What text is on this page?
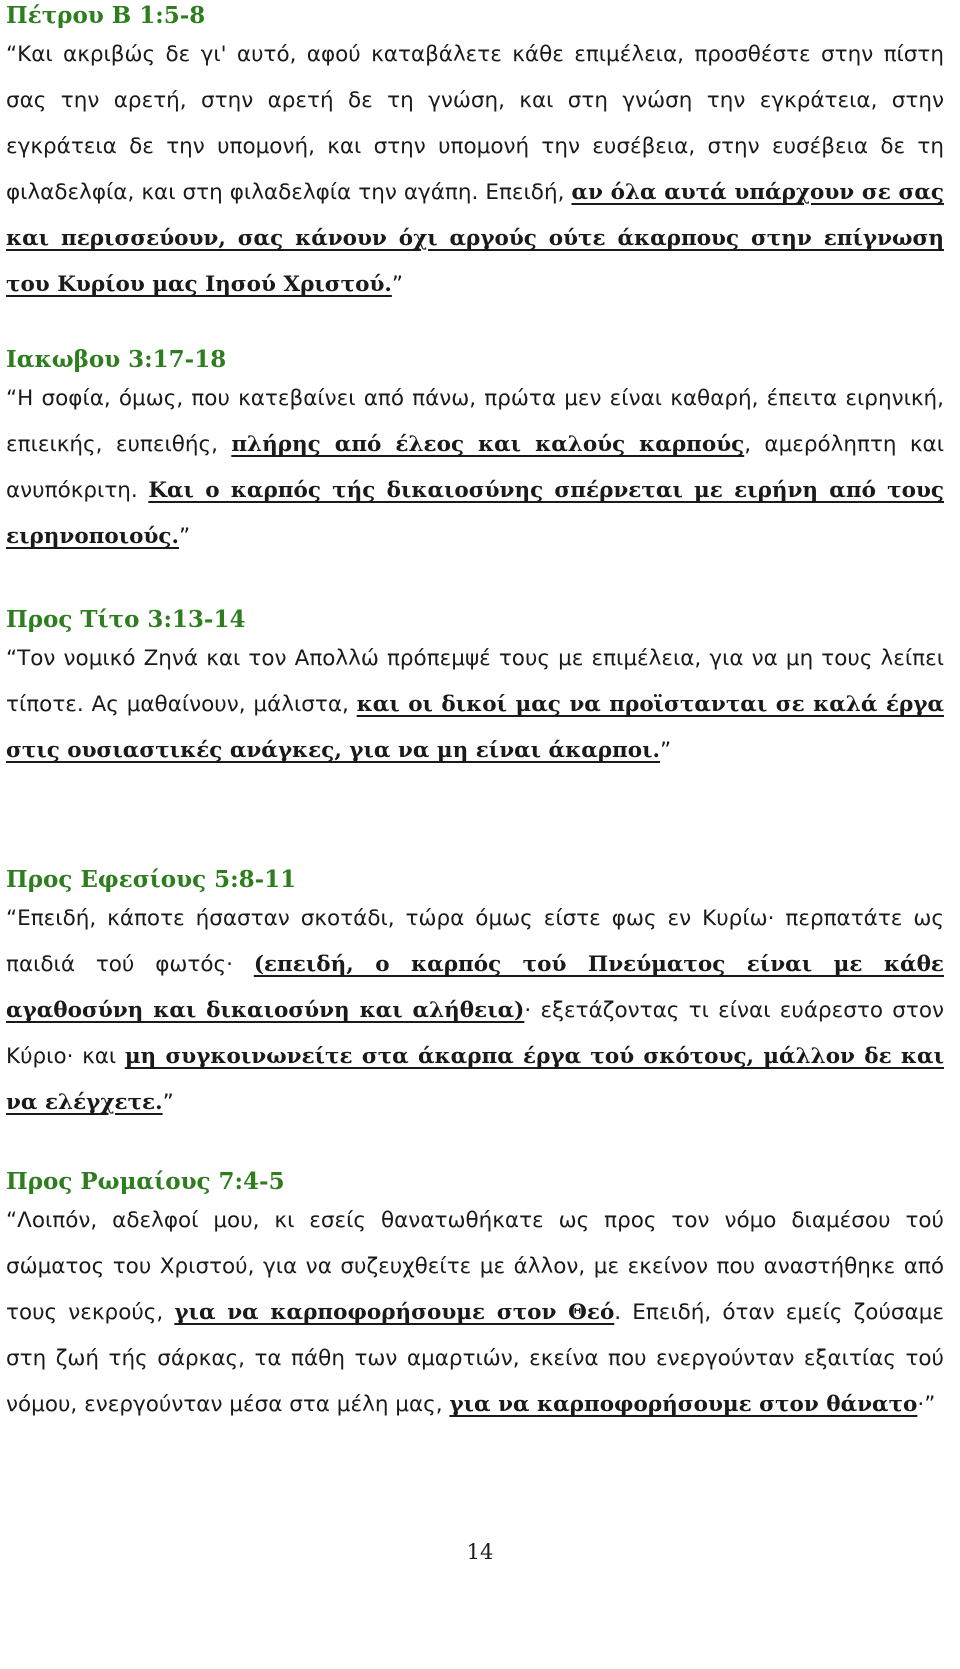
Πέτρου Β 1:5-8

“Και ακριβώς δε γι' αυτό, αφού καταβάλετε κάθε επιμέλεια, προσθέστε στην πίστη σας την αρετή, στην αρετή δε τη γνώση, και στη γνώση την εγκράτεια, στην εγκράτεια δε την υπομονή, και στην υπομονή την ευσέβεια, στην ευσέβεια δε τη φιλαδελφία, και στη φιλαδελφία την αγάπη. Επειδή, αν όλα αυτά υπάρχουν σε σας και περισσεύουν, σας κάνουν όχι αργούς ούτε άκαρπους στην επίγνωση του Κυρίου μας Ιησού Χριστού.”

Ιακωβου 3:17-18

“Η σοφία, όμως, που κατεβαίνει από πάνω, πρώτα μεν είναι καθαρή, έπειτα ειρηνική, επιεικής, ευπειθής, πλήρης από έλεος και καλούς καρπούς, αμερόληπτη και ανυπόκριτη. Και ο καρπός τής δικαιοσύνης σπέρνεται με ειρήνη από τους ειρηνοποιούς.”

Προς Τίτο 3:13-14

“Τον νομικό Ζηνά και τον Απολλώ πρόπεμψέ τους με επιμέλεια, για να μη τους λείπει τίποτε. Ας μαθαίνουν, μάλιστα, και οι δικοί μας να προϊστανται σε καλά έργα στις ουσιαστικές ανάγκες, για να μη είναι άκαρποι.”

Προς Εφεσίους 5:8-11

“Επειδή, κάποτε ήσασταν σκοτάδι, τώρα όμως είστε φως εν Κυρίω· περπατάτε ως παιδιά τού φωτός· (επειδή, ο καρπός τού Πνεύματος είναι με κάθε αγαθοσύνη και δικαιοσύνη και αλήθεια)· εξετάζοντας τι είναι ευάρεστο στον Κύριο· και μη συγκοινωνείτε στα άκαρπα έργα τού σκότους, μάλλον δε και να ελέγχετε.”

Προς Ρωμαίους 7:4-5

“Λοιπόν, αδελφοί μου, κι εσείς θανατωθήκατε ως προς τον νόμο διαμέσου τού σώματος του Χριστού, για να συζευχθείτε με άλλον, με εκείνον που αναστήθηκε από τους νεκρούς, για να καρποφορήσουμε στον Θεό. Επειδή, όταν εμείς ζούσαμε στη ζωή τής σάρκας, τα πάθη των αμαρτιών, εκείνα που ενεργούνταν εξαιτίας τού νόμου, ενεργούνταν μέσα στα μέλη μας, για να καρποφορήσουμε στον θάνατο·”

14
